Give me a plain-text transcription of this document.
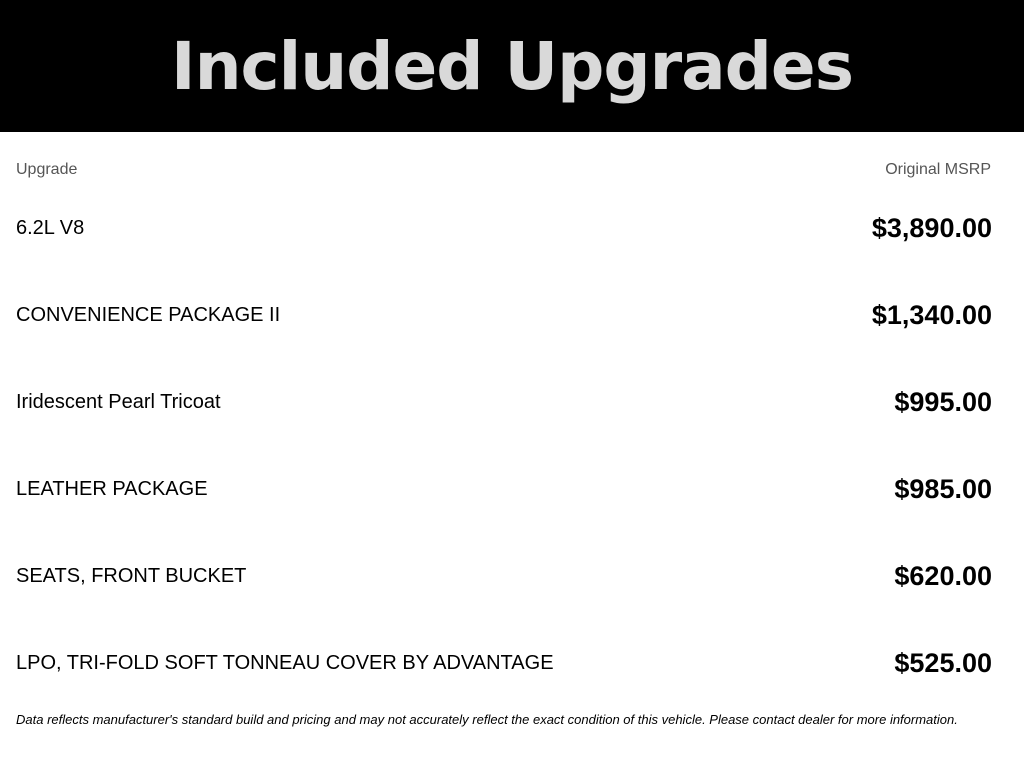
Included Upgrades
Upgrade	Original MSRP
6.2L V8	$3,890.00
CONVENIENCE PACKAGE II	$1,340.00
Iridescent Pearl Tricoat	$995.00
LEATHER PACKAGE	$985.00
SEATS, FRONT BUCKET	$620.00
LPO, TRI-FOLD SOFT TONNEAU COVER BY ADVANTAGE	$525.00
Data reflects manufacturer's standard build and pricing and may not accurately reflect the exact condition of this vehicle. Please contact dealer for more information.
